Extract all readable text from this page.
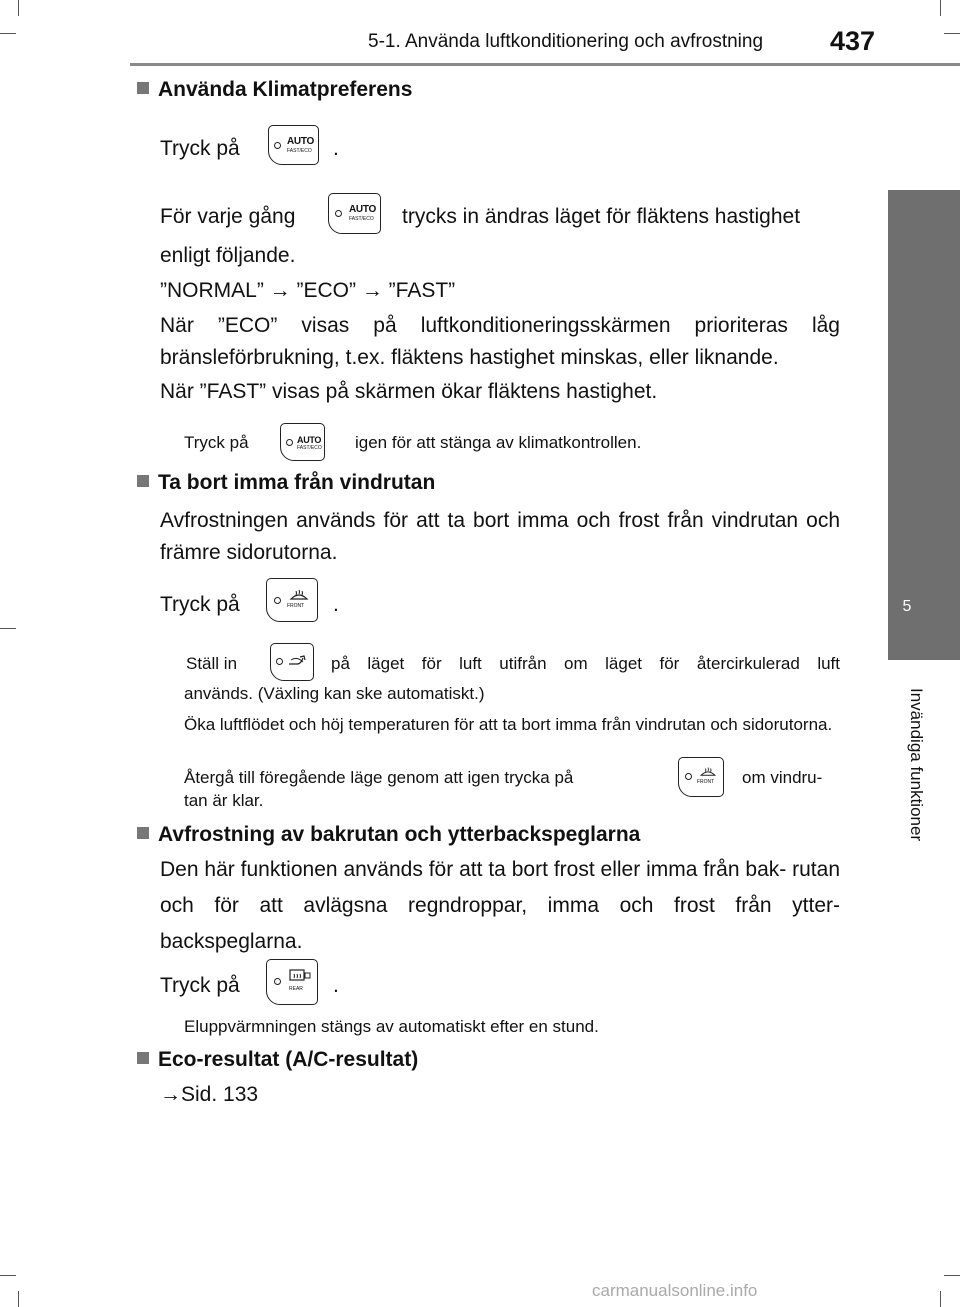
5-1. Använda luftkonditionering och avfrostning 437
5
Invändiga funktioner
Använda Klimatpreferens
Tryck på	AUTO
FAST/ECO .
För varje gång	AUTO
FAST/ECO trycks in ändras läget för fläktens hastighet
enligt följande.
”NORMAL” → ”ECO” → ”FAST”
När ”ECO” visas på luftkonditioneringsskärmen prioriteras låg bränsleförbrukning, t.ex. fläktens hastighet minskas, eller liknande.
När ”FAST” visas på skärmen ökar fläktens hastighet.
Tryck på	AUTO
FAST/ECO igen för att stänga av klimatkontrollen.
Ta bort imma från vindrutan
Avfrostningen används för att ta bort imma och frost från vindrutan och främre sidorutorna.
Tryck på	FRONT .
Ställ in	på läget för luft utifrån om läget för återcirkulerad luft
används. (Växling kan ske automatiskt.)
Öka luftflödet och höj temperaturen för att ta bort imma från vindrutan och sidorutorna.
Återgå till föregående läge genom att igen trycka på	FRONT om vindru-
tan är klar.
Avfrostning av bakrutan och ytterbackspeglarna
Den här funktionen används för att ta bort frost eller imma från bak- rutan och för att avlägsna regndroppar, imma och frost från ytter- backspeglarna.
Tryck på	REAR .
Eluppvärmningen stängs av automatiskt efter en stund.
Eco-resultat (A/C-resultat)
→Sid. 133
carmanualsonline.info
